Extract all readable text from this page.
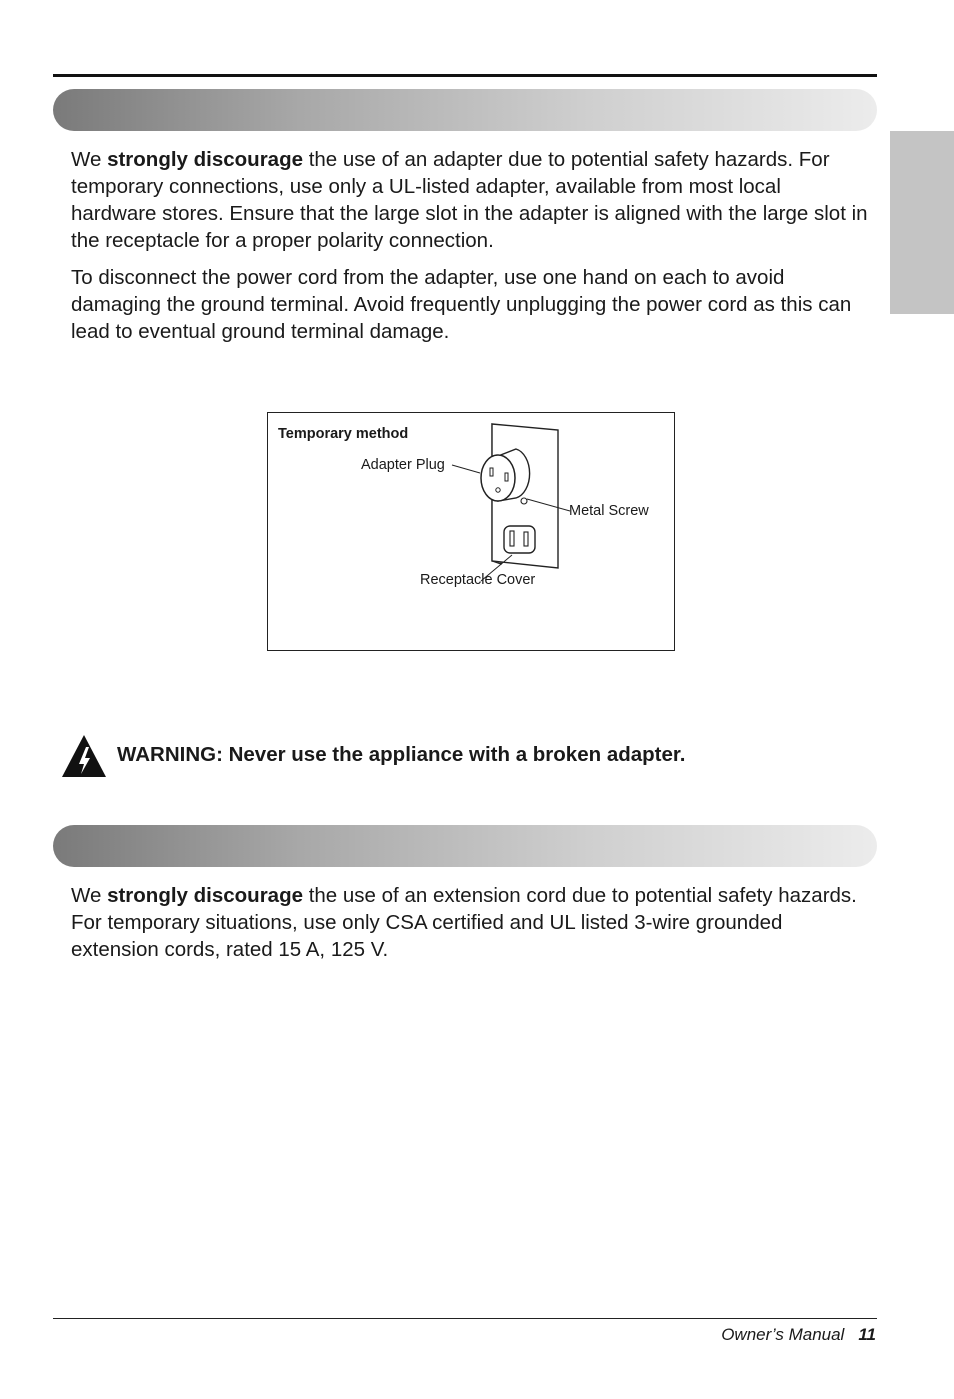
We strongly discourage the use of an adapter due to potential safety hazards. For temporary connections, use only a UL-listed adapter, available from most local hardware stores. Ensure that the large slot in the adapter is aligned with the large slot in the receptacle for a proper polarity connection.

To disconnect the power cord from the adapter, use one hand on each to avoid damaging the ground terminal. Avoid frequently unplugging the power cord as this can lead to eventual ground terminal damage.

Temporary method
Adapter Plug
Metal Screw
Receptacle Cover
WARNING: Never use the appliance with a broken adapter.

We strongly discourage the use of an extension cord due to potential safety hazards. For temporary situations, use only CSA certified and UL listed 3-wire grounded extension cords, rated 15 A, 125 V.

Owner’s Manual 11
